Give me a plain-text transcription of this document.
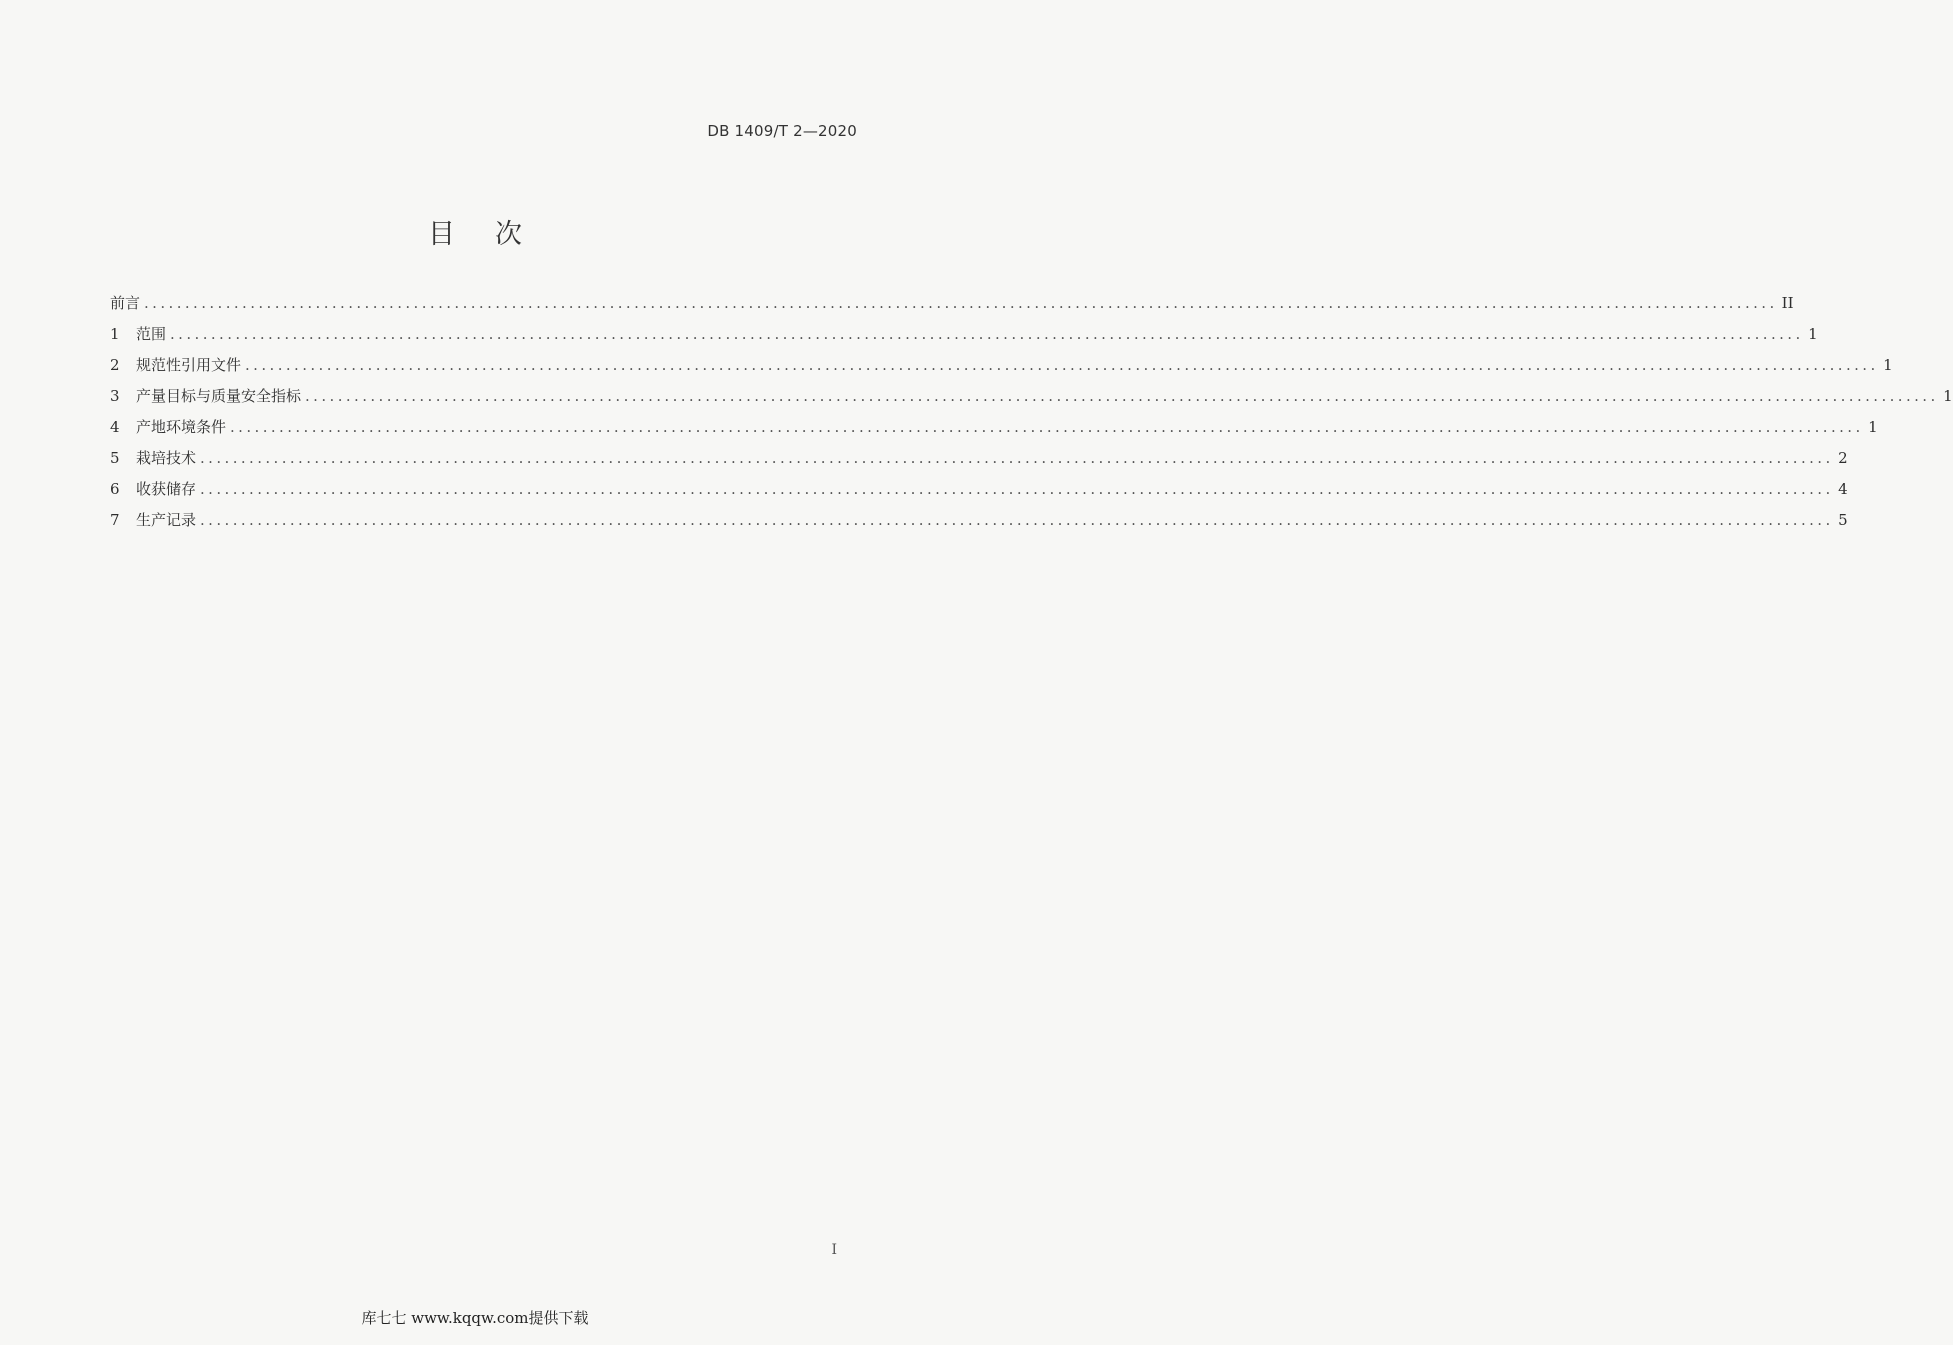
DB 1409/T 2—2020
目 次
前言 ........................................................................................................................................................................................................ II
1	范围 ........................................................................................................................................................................................................ 1
2	规范性引用文件 ........................................................................................................................................................................................................ 1
3	产量目标与质量安全指标 ........................................................................................................................................................................................................ 1
4	产地环境条件 ........................................................................................................................................................................................................ 1
5	栽培技术 ........................................................................................................................................................................................................ 2
6	收获储存 ........................................................................................................................................................................................................ 4
7	生产记录 ........................................................................................................................................................................................................ 5
I
库七七 www.kqqw.com提供下载
